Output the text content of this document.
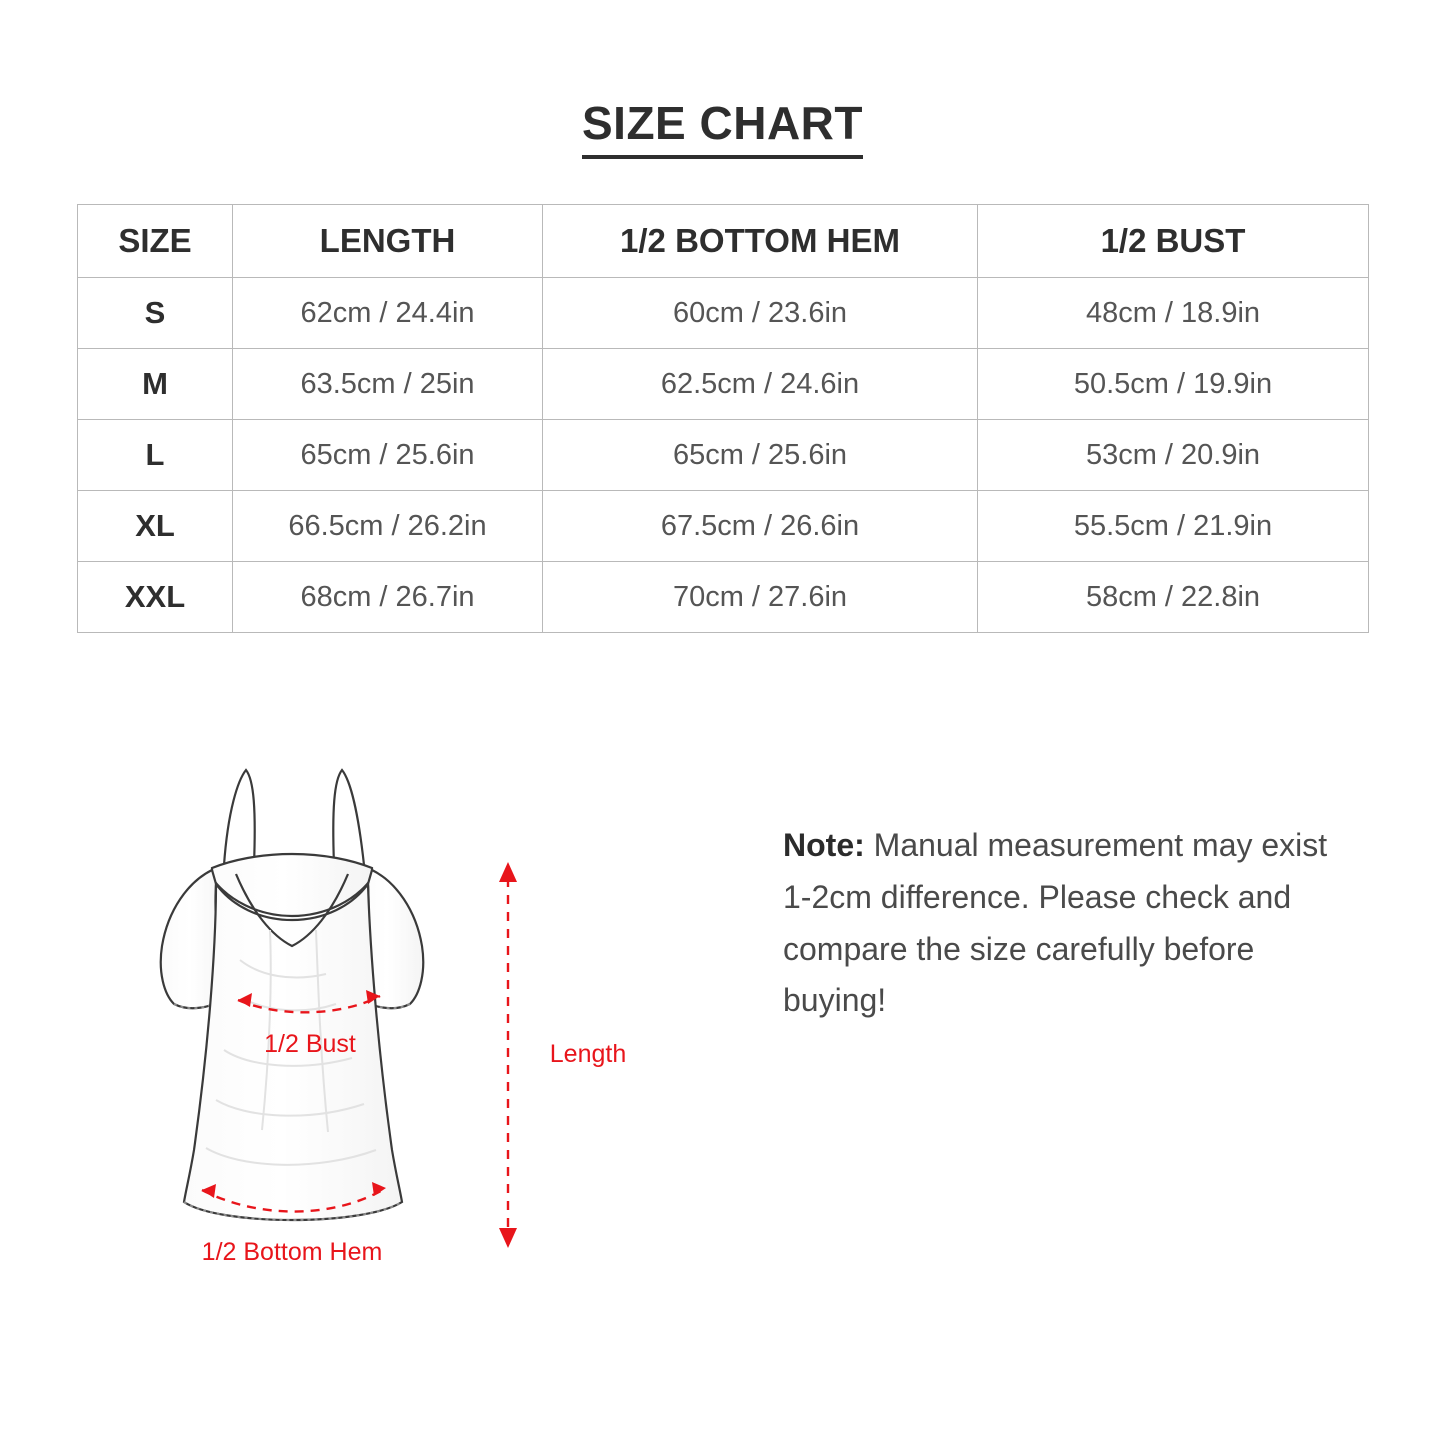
SIZE CHART
SIZE	LENGTH	1/2 BOTTOM HEM	1/2 BUST
S	62cm / 24.4in	60cm / 23.6in	48cm / 18.9in
M	63.5cm / 25in	62.5cm / 24.6in	50.5cm / 19.9in
L	65cm / 25.6in	65cm / 25.6in	53cm / 20.9in
XL	66.5cm / 26.2in	67.5cm / 26.6in	55.5cm / 21.9in
XXL	68cm / 26.7in	70cm / 27.6in	58cm / 22.8in
1/2 Bust
1/2 Bottom Hem
Length
Note: Manual measurement may exist 1-2cm difference. Please check and compare the size carefully before buying!
